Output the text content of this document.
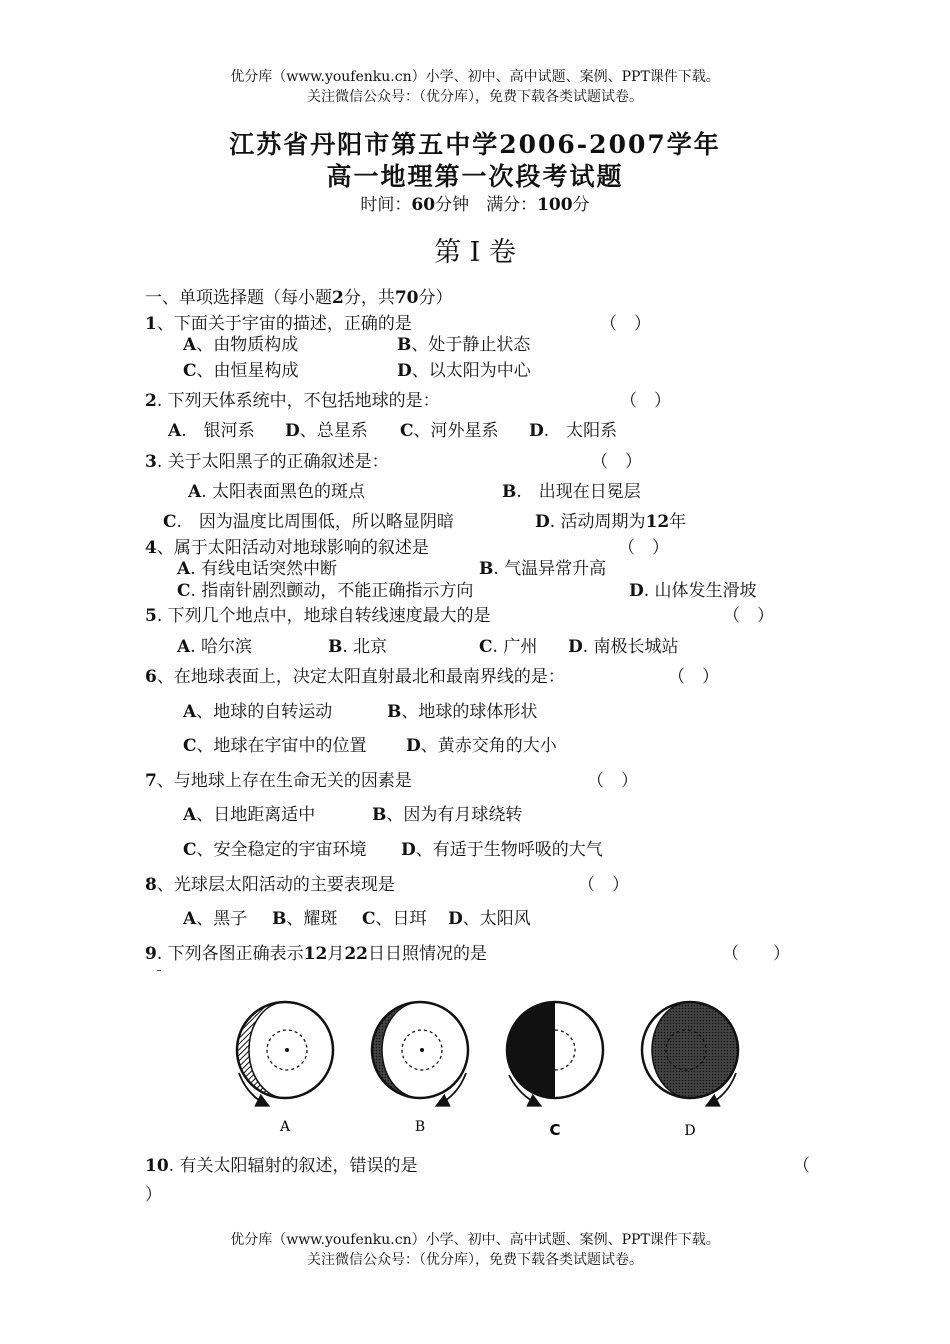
优分库（www.youfenku.cn）小学、初中、高中试题、案例、PPT课件下载。
关注微信公众号：（优分库），免费下载各类试题试卷。
江苏省丹阳市第五中学2006-2007学年
高一地理第一次段考试题
时间：60分钟　 满分：100分
第 I 卷
一、单项选择题（每小题2分，共70分）
1、下面关于宇宙的描述，正确的是	（　）
A、由物质构成	B、处于静止状态
C、由恒星构成	D、以太阳为中心
2. 下列天体系统中，不包括地球的是：	（　）
A.　银河系 D、总星系 C、河外星系 D.　太阳系
3. 关于太阳黑子的正确叙述是：	（　）
A. 太阳表面黑色的斑点	B.　出现在日冕层
C.　因为温度比周围低，所以略显阴暗	D. 活动周期为12年
4、属于太阳活动对地球影响的叙述是	（　）
A. 有线电话突然中断	B. 气温异常升高
C. 指南针剧烈颤动，不能正确指示方向	D. 山体发生滑坡
5. 下列几个地点中，地球自转线速度最大的是	（　）
A. 哈尔滨	B. 北京	C. 广州 D. 南极长城站
6、在地球表面上，决定太阳直射最北和最南界线的是：	（　）
A、地球的自转运动	B、地球的球体形状
C、地球在宇宙中的位置 D、黄赤交角的大小
7、与地球上存在生命无关的因素是	（　）
A、日地距离适中	B、因为有月球绕转
C、安全稳定的宇宙环境 D、有适于生物呼吸的大气
8、光球层太阳活动的主要表现是	（　）
A、黑子 B、耀斑 C、日珥 D、太阳风
9. 下列各图正确表示12月22日日照情况的是	（　　）
A	B	C	D
10. 有关太阳辐射的叙述，错误的是	（
）
优分库（www.youfenku.cn）小学、初中、高中试题、案例、PPT课件下载。
关注微信公众号：（优分库），免费下载各类试题试卷。
